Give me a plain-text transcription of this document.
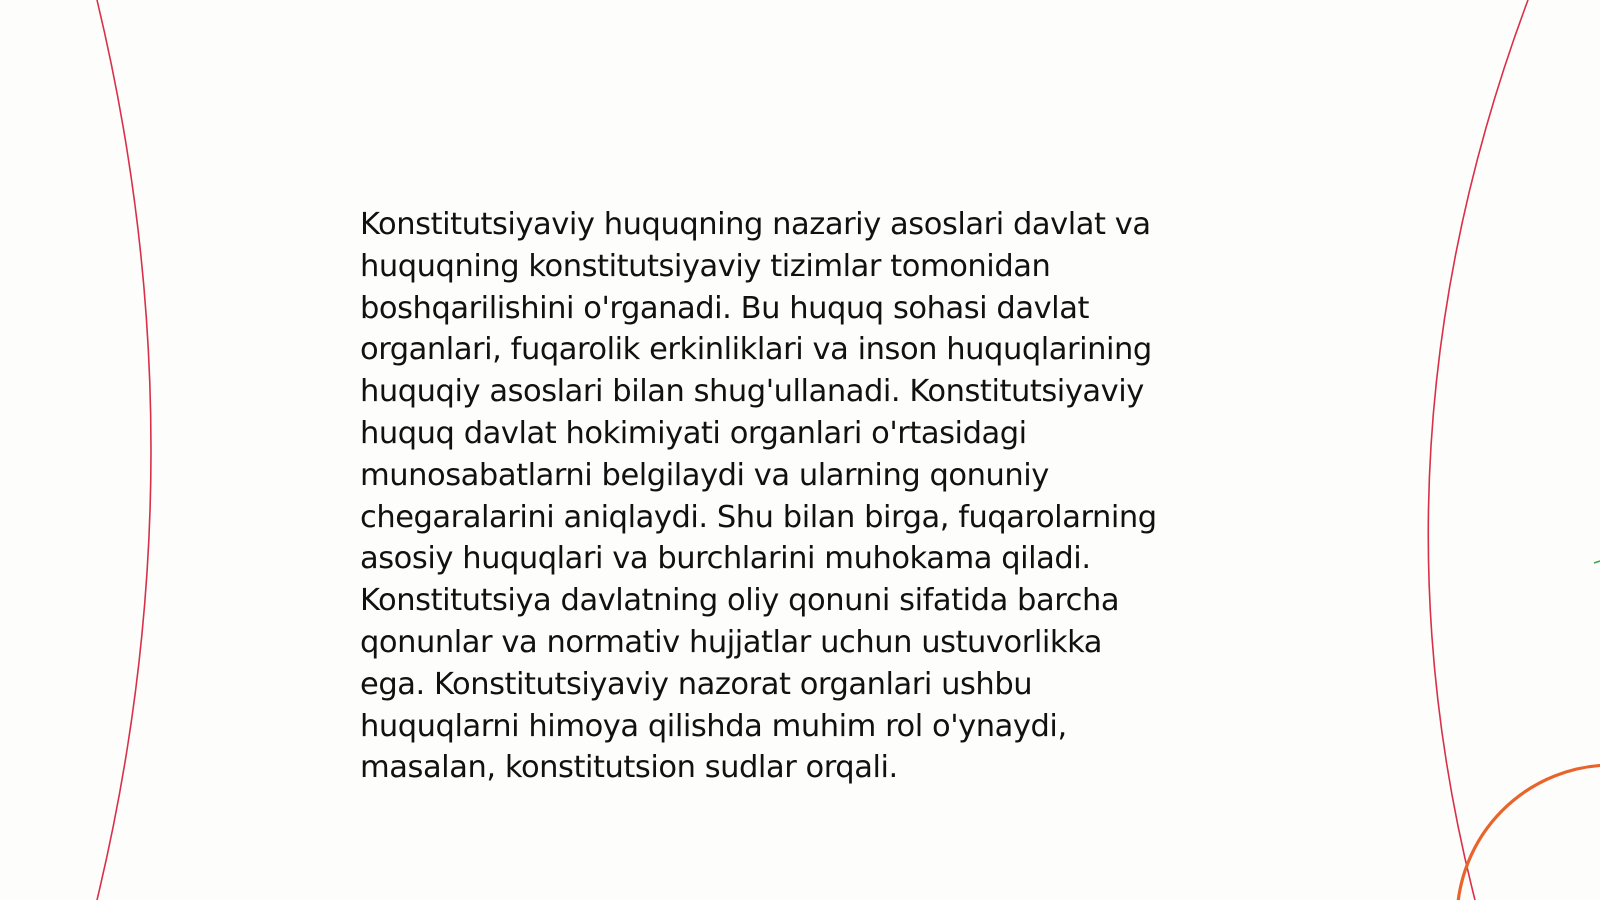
Konstitutsiyaviy huquqning nazariy asoslari davlat va
huquqning konstitutsiyaviy tizimlar tomonidan
boshqarilishini o'rganadi. Bu huquq sohasi davlat
organlari, fuqarolik erkinliklari va inson huquqlarining
huquqiy asoslari bilan shug'ullanadi. Konstitutsiyaviy
huquq davlat hokimiyati organlari o'rtasidagi
munosabatlarni belgilaydi va ularning qonuniy
chegaralarini aniqlaydi. Shu bilan birga, fuqarolarning
asosiy huquqlari va burchlarini muhokama qiladi.
Konstitutsiya davlatning oliy qonuni sifatida barcha
qonunlar va normativ hujjatlar uchun ustuvorlikka
ega. Konstitutsiyaviy nazorat organlari ushbu
huquqlarni himoya qilishda muhim rol o'ynaydi,
masalan, konstitutsion sudlar orqali.
